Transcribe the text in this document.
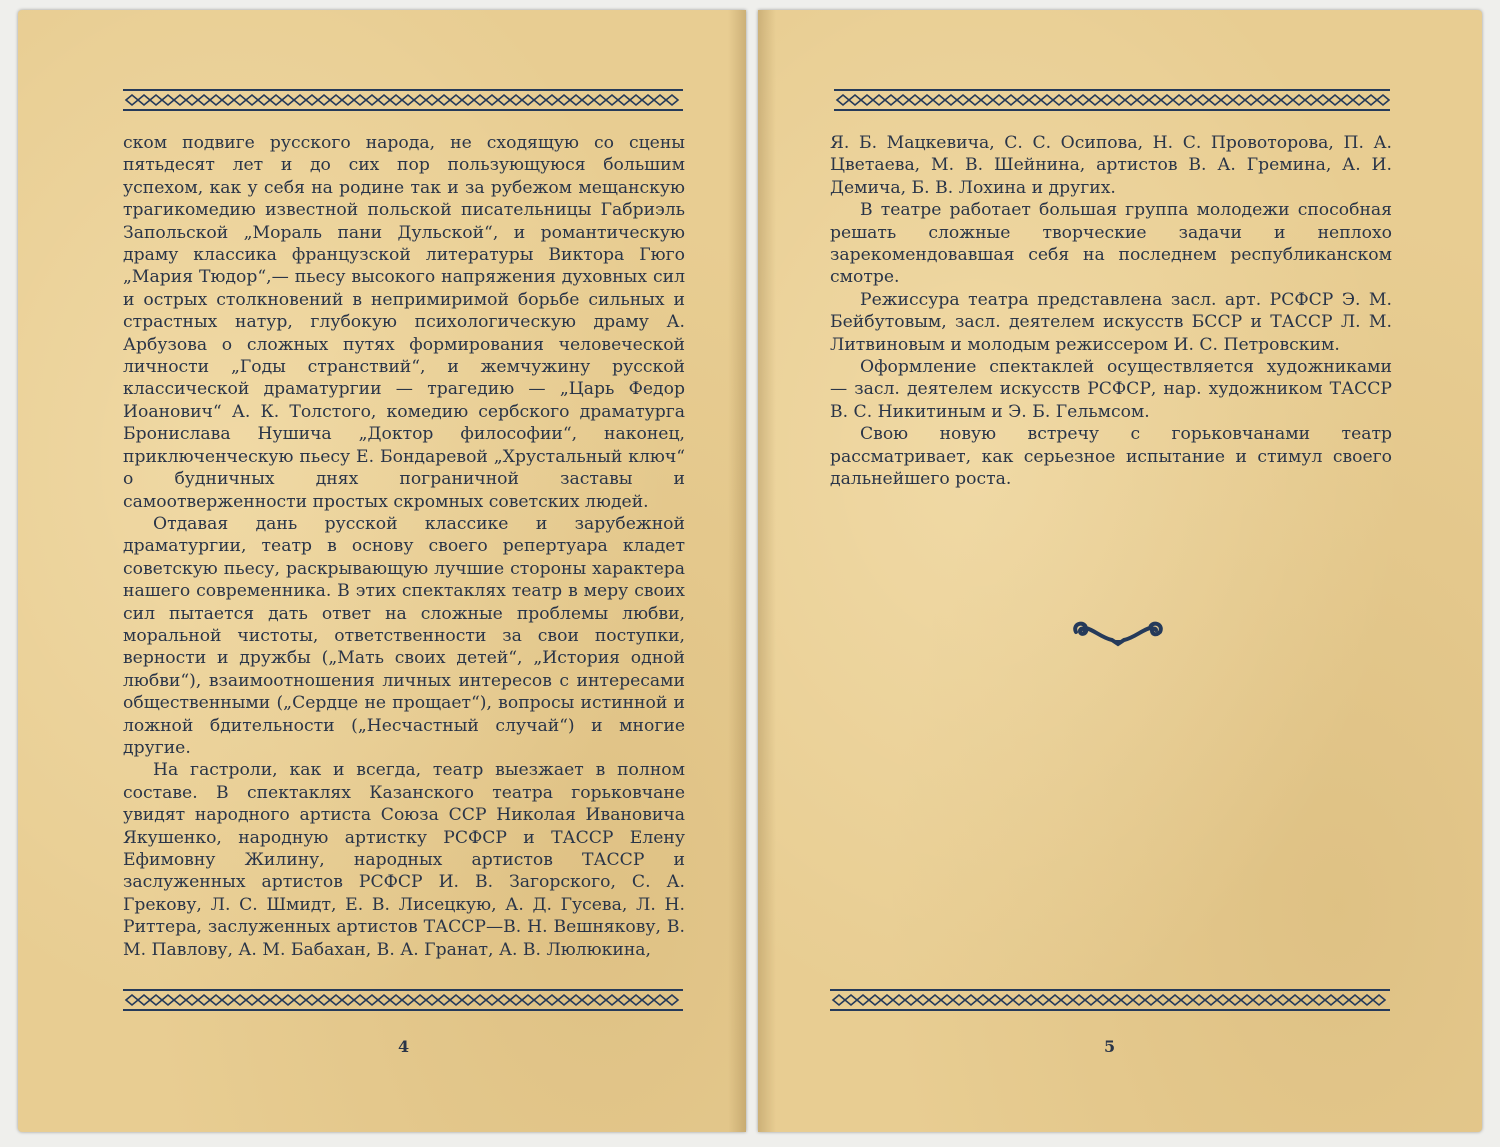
ском подвиге русского народа, не сходящую со сцены пятьдесят лет и до сих пор пользующуюся большим успехом, как у себя на родине так и за рубежом мещанскую трагикомедию известной польской писательницы Габриэль Запольской „Мораль пани Дульской“, и романтическую драму классика французской литературы Виктора Гюго „Мария Тюдор“,— пьесу высокого напряжения духовных сил и острых столкновений в непримиримой борьбе сильных и страстных натур, глубокую психологическую драму А. Арбузова о сложных путях формирования человеческой личности „Годы странствий“, и жемчужину русской классической драматургии — трагедию — „Царь Федор Иоанович“ А. К. Толстого, комедию сербского драматурга Бронислава Нушича „Доктор философии“, наконец, приключенческую пьесу Е. Бондаревой „Хрустальный ключ“ о будничных днях пограничной заставы и самоотверженности простых скромных советских людей.

Отдавая дань русской классике и зарубежной драматургии, театр в основу своего репертуара кладет советскую пьесу, раскрывающую лучшие стороны характера нашего современника. В этих спектаклях театр в меру своих сил пытается дать ответ на сложные проблемы любви, моральной чистоты, ответственности за свои поступки, верности и дружбы („Мать своих детей“, „История одной любви“), взаимоотношения личных интересов с интересами общественными („Сердце не прощает“), вопросы истинной и ложной бдительности („Несчастный случай“) и многие другие.

На гастроли, как и всегда, театр выезжает в полном составе. В спектаклях Казанского театра горьковчане увидят народного артиста Союза ССР Николая Ивановича Якушенко, народную артистку РСФСР и ТАССР Елену Ефимовну Жилину, народных артистов ТАССР и заслуженных артистов РСФСР И. В. Загорского, С. А. Грекову, Л. С. Шмидт, Е. В. Лисецкую, А. Д. Гусева, Л. Н. Риттера, заслуженных артистов ТАССР—В. Н. Вешнякову, В. М. Павлову, А. М. Бабахан, В. А. Гранат, А. В. Люлюкина,

4

Я. Б. Мацкевича, С. С. Осипова, Н. С. Провоторова, П. А. Цветаева, М. В. Шейнина, артистов В. А. Гремина, А. И. Демича, Б. В. Лохина и других.

В театре работает большая группа молодежи способная решать сложные творческие задачи и неплохо зарекомендовавшая себя на последнем республиканском смотре.

Режиссура театра представлена засл. арт. РСФСР Э. М. Бейбутовым, засл. деятелем искусств БССР и ТАССР Л. М. Литвиновым и молодым режиссером И. С. Петровским.

Оформление спектаклей осуществляется художниками — засл. деятелем искусств РСФСР, нар. художником ТАССР В. С. Никитиным и Э. Б. Гельмсом.

Свою новую встречу с горьковчанами театр рассматривает, как серьезное испытание и стимул своего дальнейшего роста.

5
